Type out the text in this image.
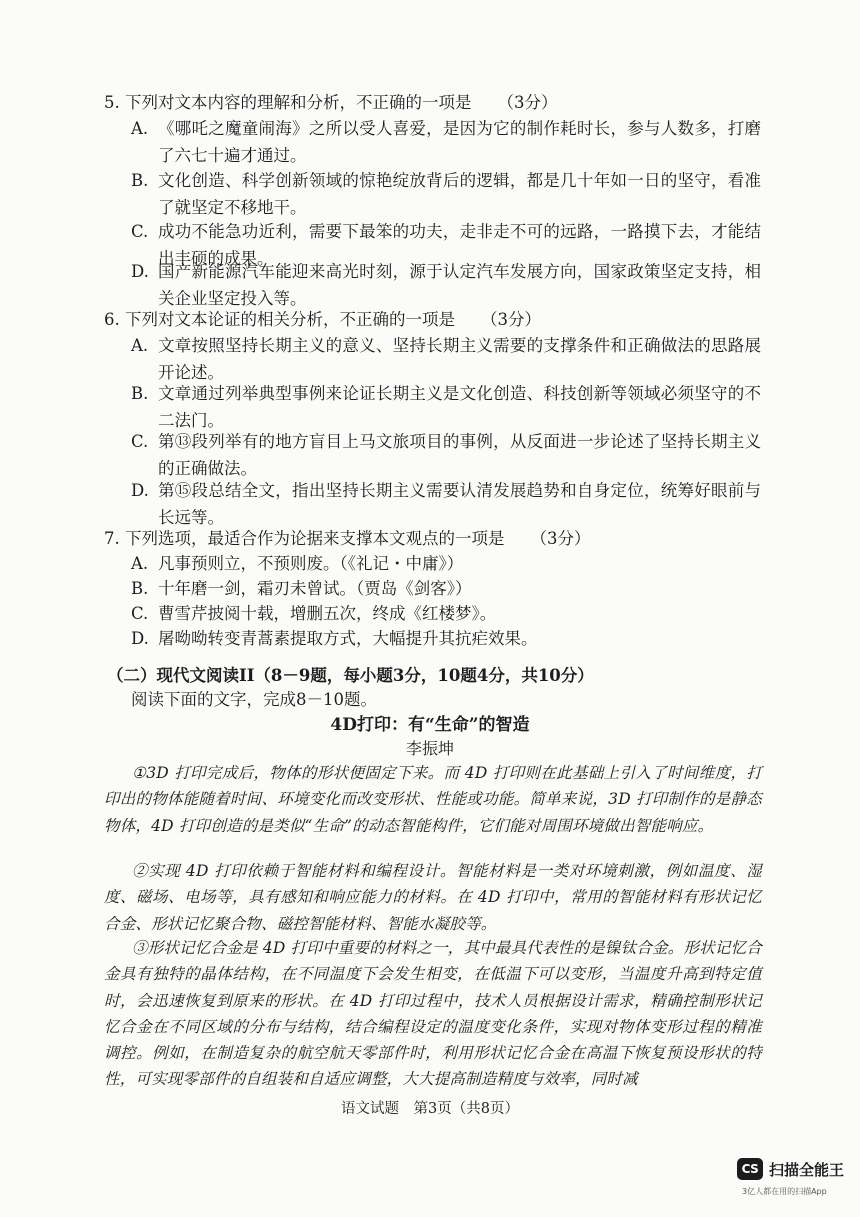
5. 下列对文本内容的理解和分析，不正确的一项是 （3分）
A. 《哪吒之魔童闹海》之所以受人喜爱，是因为它的制作耗时长，参与人数多，打磨了六七十遍才通过。
B. 文化创造、科学创新领域的惊艳绽放背后的逻辑，都是几十年如一日的坚守，看准了就坚定不移地干。
C. 成功不能急功近利，需要下最笨的功夫，走非走不可的远路，一路摸下去，才能结出丰硕的成果。
D. 国产新能源汽车能迎来高光时刻，源于认定汽车发展方向，国家政策坚定支持，相关企业坚定投入等。
6. 下列对文本论证的相关分析，不正确的一项是 （3分）
A. 文章按照坚持长期主义的意义、坚持长期主义需要的支撑条件和正确做法的思路展开论述。
B. 文章通过列举典型事例来论证长期主义是文化创造、科技创新等领域必须坚守的不二法门。
C. 第⑬段列举有的地方盲目上马文旅项目的事例，从反面进一步论述了坚持长期主义的正确做法。
D. 第⑮段总结全文，指出坚持长期主义需要认清发展趋势和自身定位，统筹好眼前与长远等。
7. 下列选项，最适合作为论据来支撑本文观点的一项是 （3分）
A. 凡事预则立，不预则废。（《礼记・中庸》）
B. 十年磨一剑，霜刃未曾试。（贾岛《剑客》）
C. 曹雪芹披阅十载，增删五次，终成《红楼梦》。
D. 屠呦呦转变青蒿素提取方式，大幅提升其抗疟效果。
（二）现代文阅读II（8－9题，每小题3分，10题4分，共10分）
阅读下面的文字，完成8－10题。
4D打印：有“生命”的智造
李振坤
①3D 打印完成后，物体的形状便固定下来。而 4D 打印则在此基础上引入了时间维度，打印出的物体能随着时间、环境变化而改变形状、性能或功能。简单来说，3D 打印制作的是静态物体，4D 打印创造的是类似“生命”的动态智能构件，它们能对周围环境做出智能响应。
②实现 4D 打印依赖于智能材料和编程设计。智能材料是一类对环境刺激，例如温度、湿度、磁场、电场等，具有感知和响应能力的材料。在 4D 打印中，常用的智能材料有形状记忆合金、形状记忆聚合物、磁控智能材料、智能水凝胶等。
③形状记忆合金是 4D 打印中重要的材料之一，其中最具代表性的是镍钛合金。形状记忆合金具有独特的晶体结构，在不同温度下会发生相变，在低温下可以变形，当温度升高到特定值时，会迅速恢复到原来的形状。在 4D 打印过程中，技术人员根据设计需求，精确控制形状记忆合金在不同区域的分布与结构，结合编程设定的温度变化条件，实现对物体变形过程的精准调控。例如，在制造复杂的航空航天零部件时，利用形状记忆合金在高温下恢复预设形状的特性，可实现零部件的自组装和自适应调整，大大提高制造精度与效率，同时减
语文试题　第3页（共8页）
CS 扫描全能王
3亿人都在用的扫描App
